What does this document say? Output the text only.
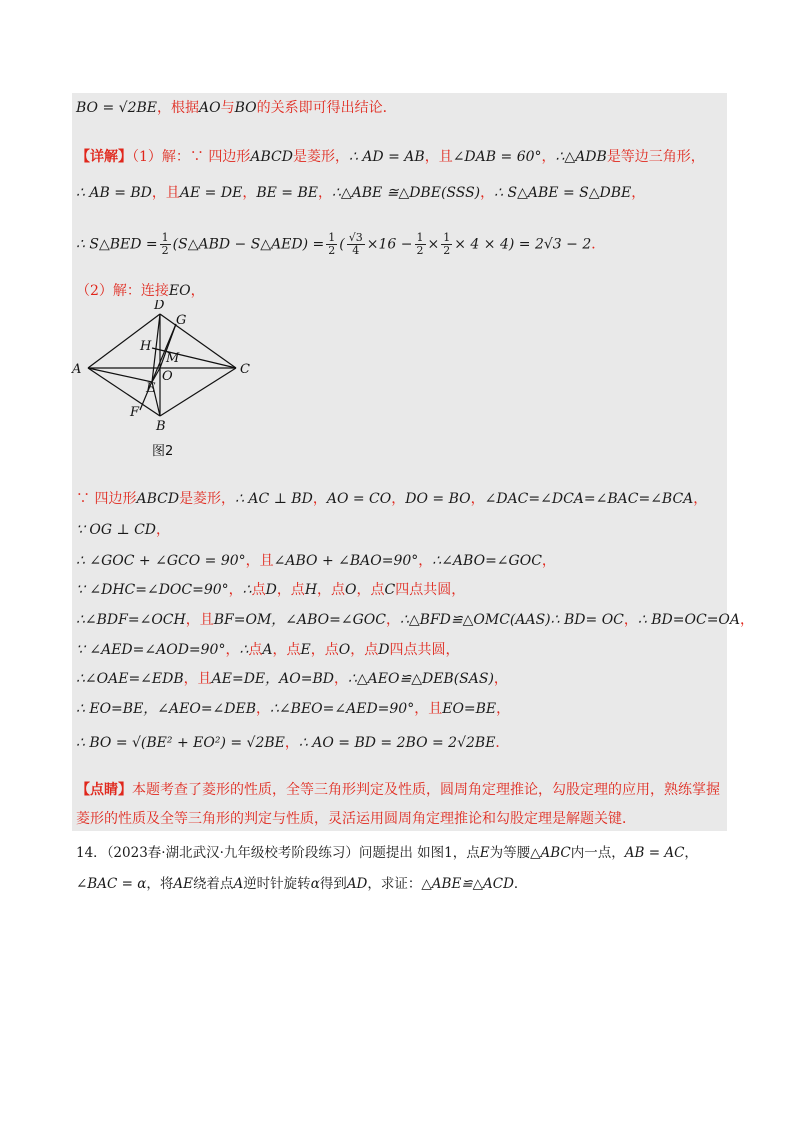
BO = √2BE，根据AO与BO的关系即可得出结论．
【详解】（1）解：∵ 四边形ABCD是菱形，∴ AD = AB，且∠DAB = 60°，∴△ADB是等边三角形，
∴ AB = BD，且AE = DE，BE = BE，∴△ABE ≅△DBE(SSS)，∴ S△ABE = S△DBE，
∴ S△BED = $\frac{1}{2}$ (S△ABD − S△AED) = $\frac{1}{2}$ ( $\frac{√3}{4} \times 16 - \frac{1}{2} \times \frac{1}{2} \times 4 \times 4) = 2√3 - 2$．
（2）解：连接EO，
A
D
G
H
M
O
E
F
B
C
图2
∵ 四边形ABCD是菱形，∴ AC ⊥ BD，AO = CO，DO = BO，∠DAC=∠DCA=∠BAC=∠BCA，
∵ OG ⊥ CD，
∴ ∠GOC + ∠GCO = 90°，且∠ABO + ∠BAO=90°，∴∠ABO=∠GOC，
∵ ∠DHC=∠DOC=90°，∴点D，点H，点O，点C四点共圆，
∴∠BDF=∠OCH，且BF=OM，∠ABO=∠GOC，∴△BFD≌△OMC(AAS)∴ BD= OC，∴ BD=OC=OA，
∵ ∠AED=∠AOD=90°，∴点A，点E，点O，点D四点共圆，
∴∠OAE=∠EDB，且AE=DE，AO=BD，∴△AEO≌△DEB(SAS)，
∴ EO=BE，∠AEO=∠DEB，∴∠BEO=∠AED=90°，且EO=BE，
∴ BO = √(BE² + EO²) = √2BE，∴ AO = BD = 2BO = 2√2BE．
【点睛】本题考查了菱形的性质，全等三角形判定及性质，圆周角定理推论，勾股定理的应用，熟练掌握
菱形的性质及全等三角形的判定与性质，灵活运用圆周角定理推论和勾股定理是解题关键．
14．（2023春·湖北武汉·九年级校考阶段练习）问题提出 如图1，点E为等腰△ABC内一点，AB = AC，
∠BAC = α，将AE绕着点A逆时针旋转α得到AD，求证：△ABE≌△ACD．
